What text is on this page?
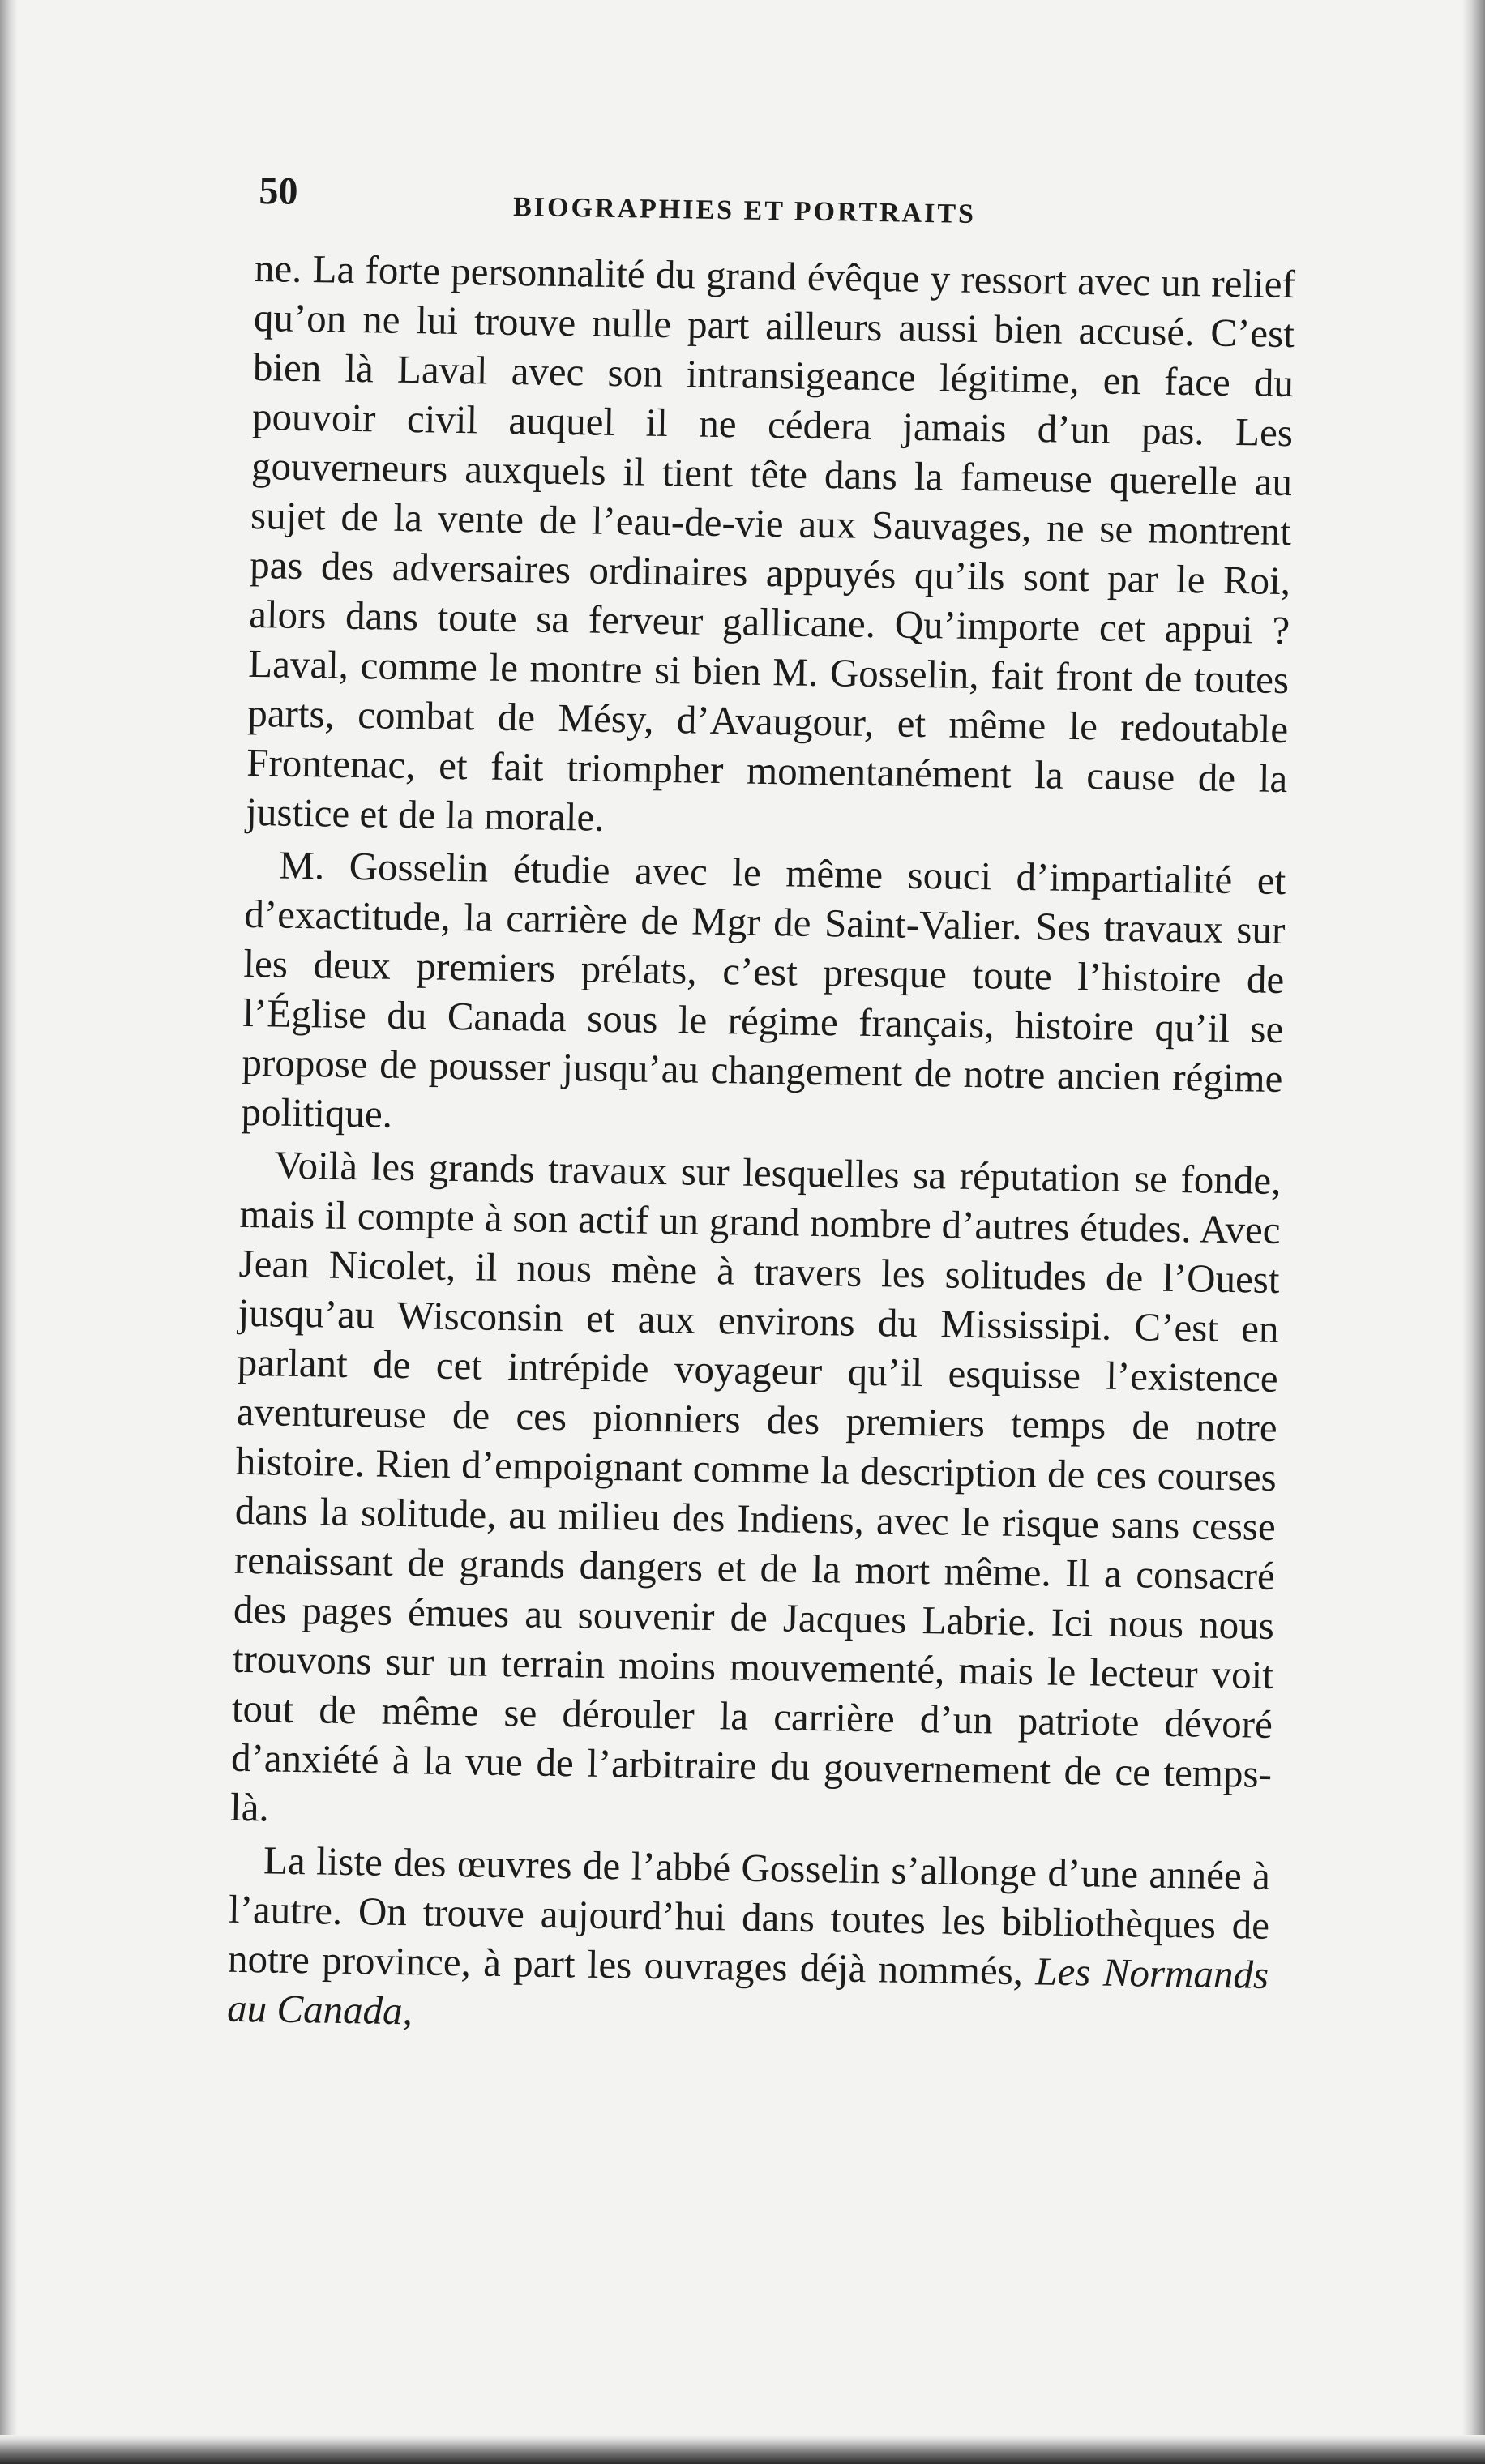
50	BIOGRAPHIES ET PORTRAITS

ne. La forte personnalité du grand évêque y ressort avec un relief qu’on ne lui trouve nulle part ailleurs aussi bien accusé. C’est bien là Laval avec son intransigeance légitime, en face du pouvoir civil auquel il ne cédera jamais d’un pas. Les gouverneurs auxquels il tient tête dans la fameuse querelle au sujet de la vente de l’eau-de-vie aux Sauvages, ne se montrent pas des adversaires ordinaires appuyés qu’ils sont par le Roi, alors dans toute sa ferveur gallicane. Qu’importe cet appui ? Laval, comme le montre si bien M. Gosselin, fait front de toutes parts, combat de Mésy, d’Avaugour, et même le redoutable Frontenac, et fait triompher momentanément la cause de la justice et de la morale.

M. Gosselin étudie avec le même souci d’impartialité et d’exactitude, la carrière de Mgr de Saint-Valier. Ses travaux sur les deux premiers prélats, c’est presque toute l’histoire de l’Église du Canada sous le régime français, histoire qu’il se propose de pousser jusqu’au changement de notre ancien régime politique.

Voilà les grands travaux sur lesquelles sa réputation se fonde, mais il compte à son actif un grand nombre d’autres études. Avec Jean Nicolet, il nous mène à travers les solitudes de l’Ouest jusqu’au Wisconsin et aux environs du Mississipi. C’est en parlant de cet intrépide voyageur qu’il esquisse l’existence aventureuse de ces pionniers des premiers temps de notre histoire. Rien d’empoignant comme la description de ces courses dans la solitude, au milieu des Indiens, avec le risque sans cesse renaissant de grands dangers et de la mort même. Il a consacré des pages émues au souvenir de Jacques Labrie. Ici nous nous trouvons sur un terrain moins mouvementé, mais le lecteur voit tout de même se dérouler la carrière d’un patriote dévoré d’anxiété à la vue de l’arbitraire du gouvernement de ce temps-là.

La liste des œuvres de l’abbé Gosselin s’allonge d’une année à l’autre. On trouve aujourd’hui dans toutes les bibliothèques de notre province, à part les ouvrages déjà nommés, Les Normands au Canada,
